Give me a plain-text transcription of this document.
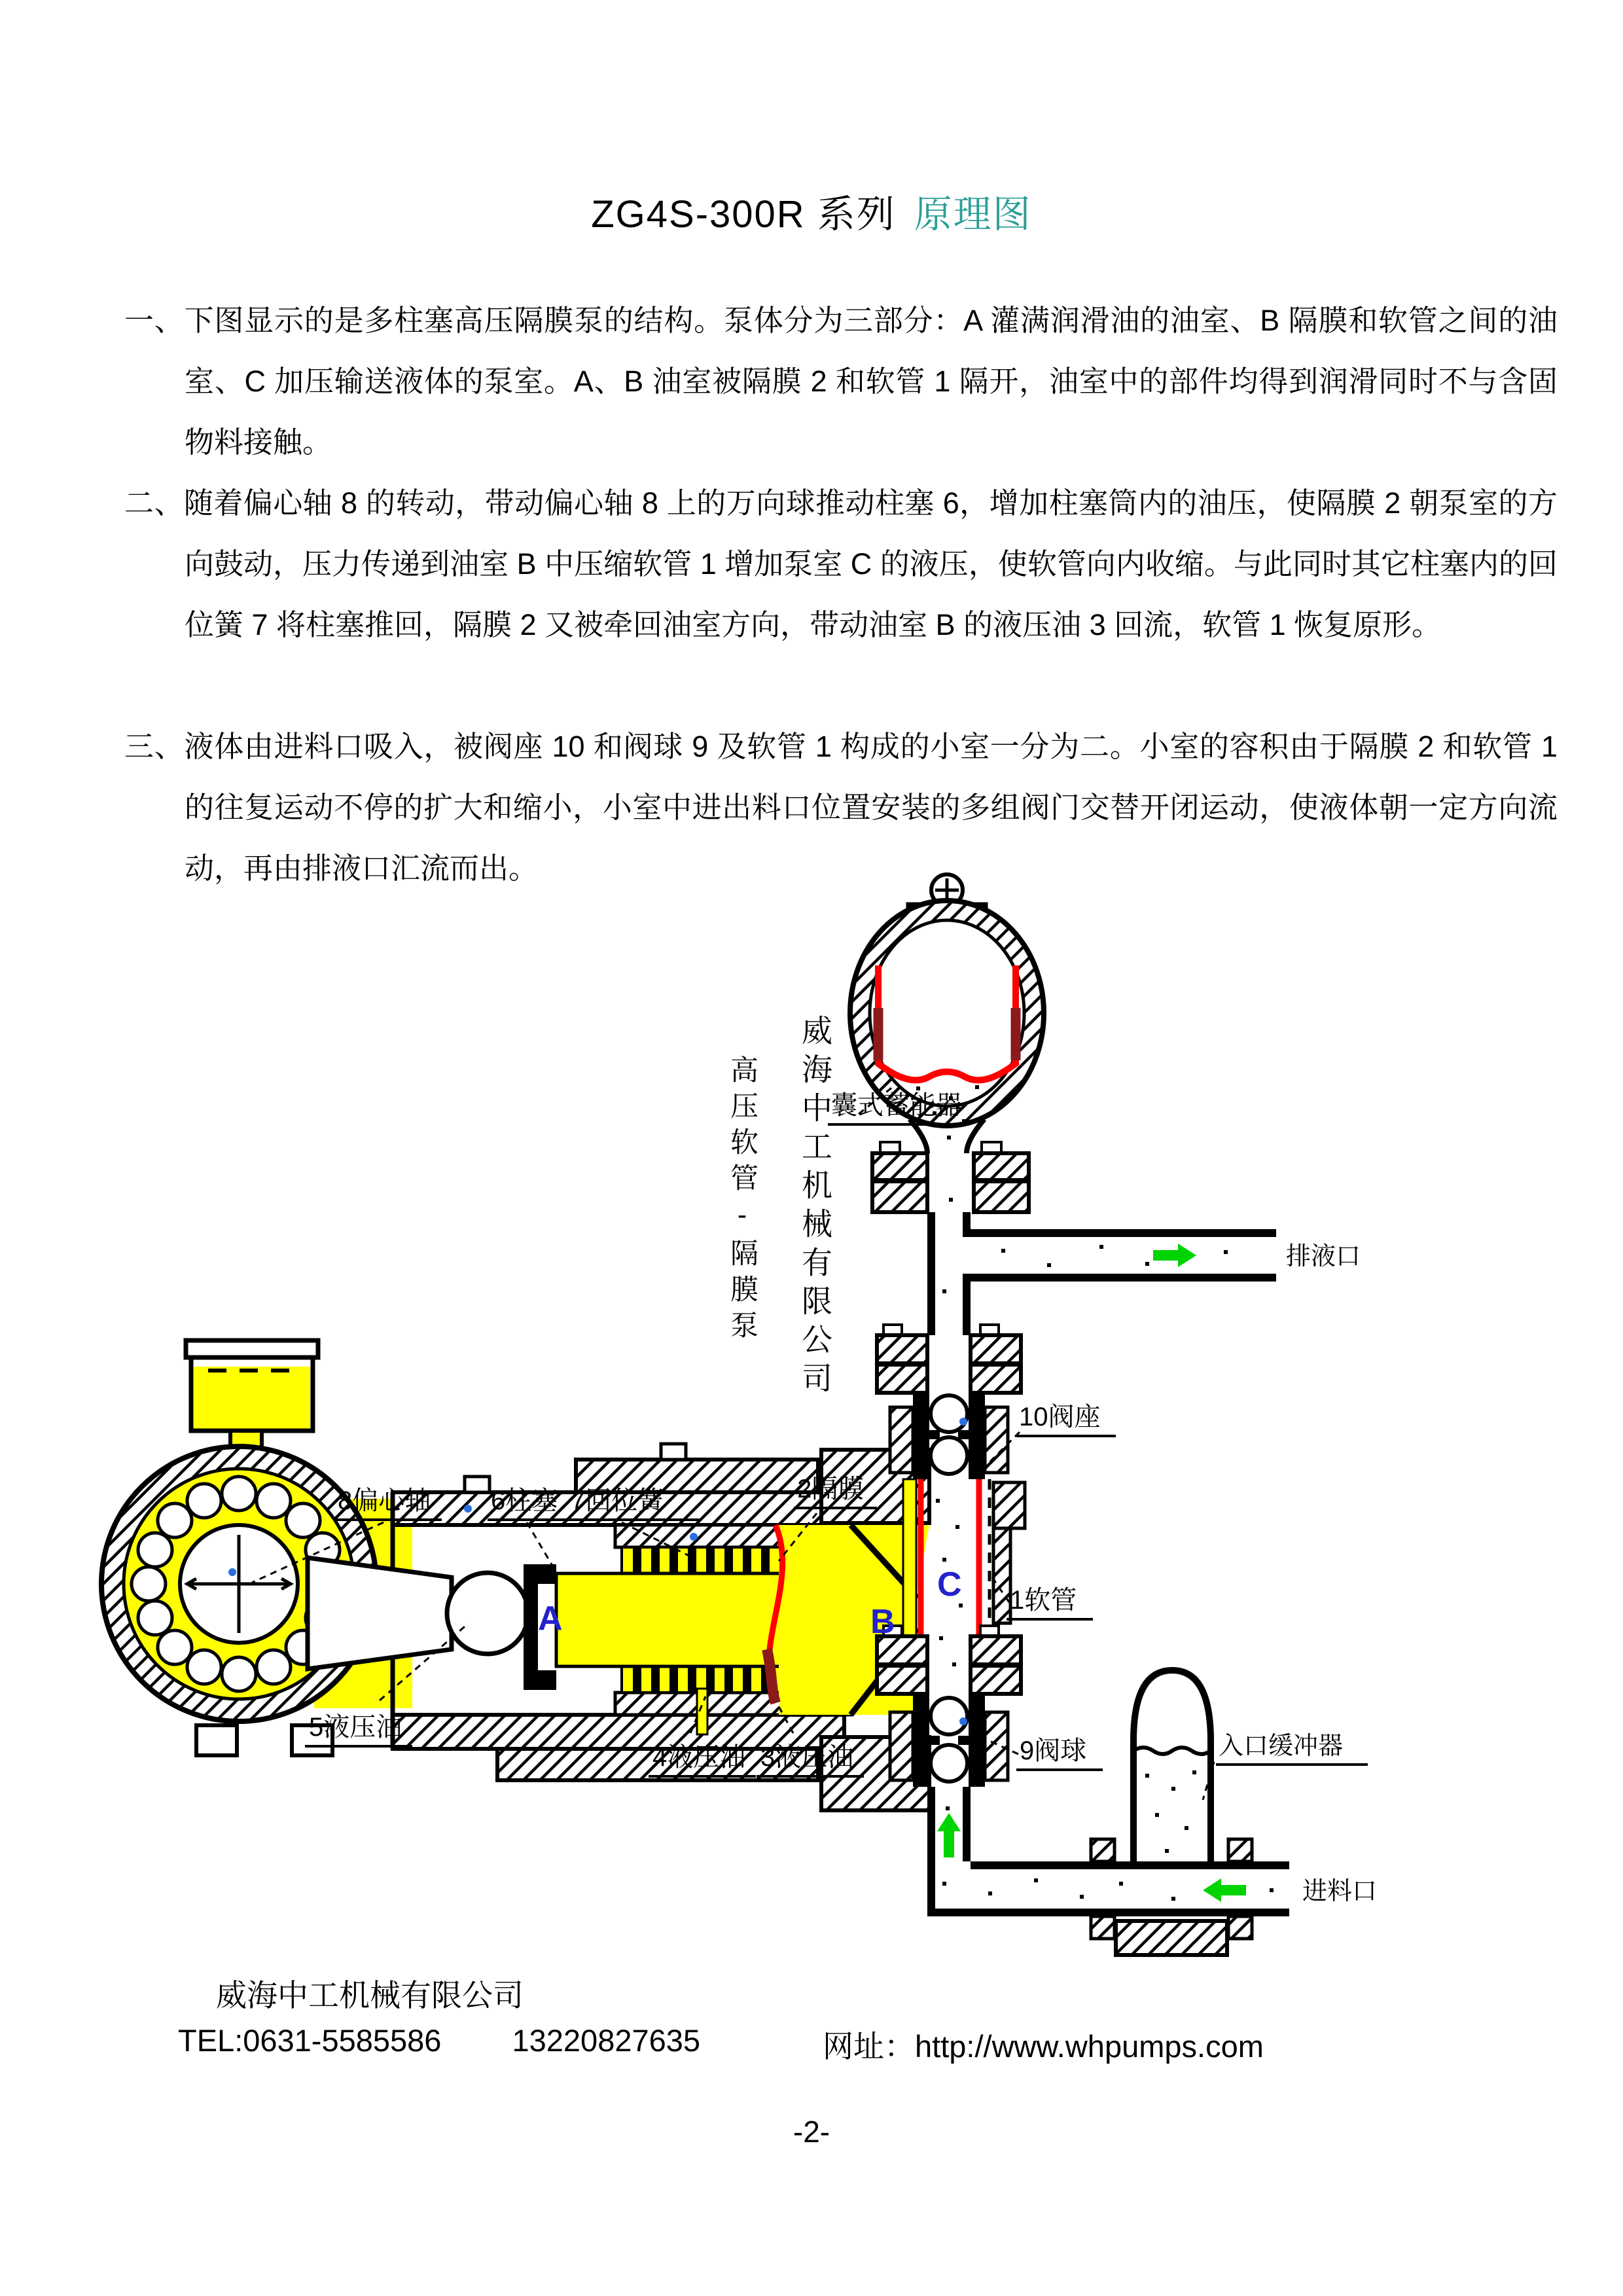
ZG4S-300R 系列 原理图
一、下图显示的是多柱塞高压隔膜泵的结构。泵体分为三部分：A 灌满润滑油的油室、B 隔膜和软管之间的油室、C 加压输送液体的泵室。A、B 油室被隔膜 2 和软管 1 隔开，油室中的部件均得到润滑同时不与含固物料接触。
二、随着偏心轴 8 的转动，带动偏心轴 8 上的万向球推动柱塞 6，增加柱塞筒内的油压，使隔膜 2 朝泵室的方向鼓动，压力传递到油室 B 中压缩软管 1 增加泵室 C 的液压，使软管向内收缩。与此同时其它柱塞内的回位簧 7 将柱塞推回，隔膜 2 又被牵回油室方向，带动油室 B 的液压油 3 回流，软管 1 恢复原形。
三、液体由进料口吸入，被阀座 10 和阀球 9 及软管 1 构成的小室一分为二。小室的容积由于隔膜 2 和软管 1 的往复运动不停的扩大和缩小，小室中进出料口位置安装的多组阀门交替开闭运动，使液体朝一定方向流动，再由排液口汇流而出。
囊式蓄能器
8偏心轴 6柱塞 7回位簧	2隔膜
10阀座
1软管
9阀球
5液压油
4液压油 3液压油
排液口
进料口
入口缓冲器
A	B
C
威海中工机械有限公司
高压软管-隔膜泵
威海中工机械有限公司
TEL:0631-5585586 13220827635	网址：http://www.whpumps.com
-2-
